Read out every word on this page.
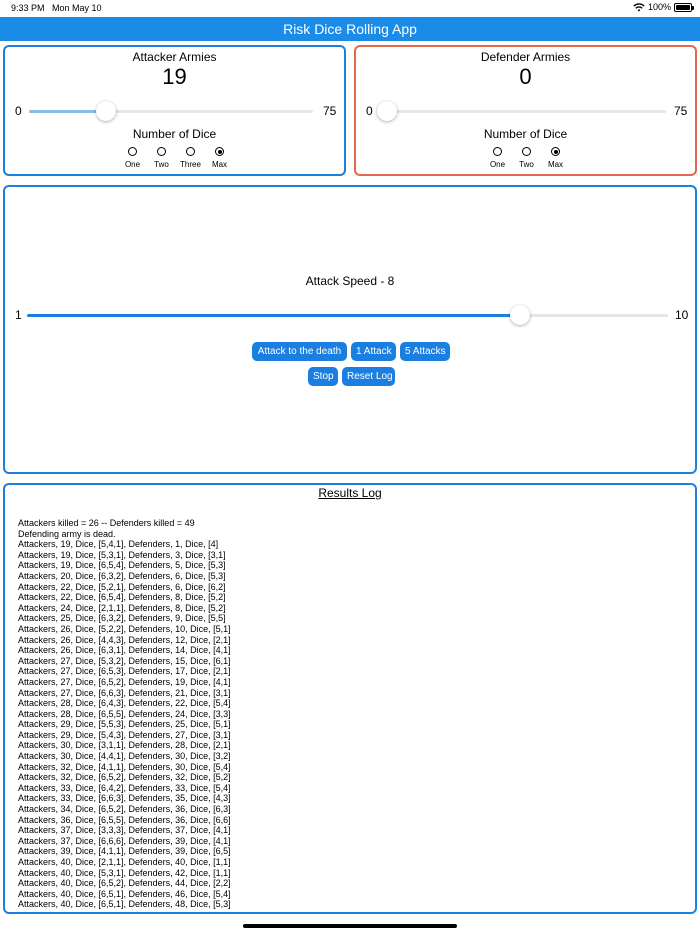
9:33 PM Mon May 10	100%
Risk Dice Rolling App
Attacker Armies
19
0	75
Number of Dice
One Two Three Max
Defender Armies
0
0	75
Number of Dice
One Two Max
Attack Speed - 8
1	10
Attack to the death	1 Attack	5 Attacks
Stop	Reset Log
Results Log
Attackers killed = 26 -- Defenders killed = 49
Defending army is dead.
Attackers, 19, Dice, [5,4,1], Defenders, 1, Dice, [4]
Attackers, 19, Dice, [5,3,1], Defenders, 3, Dice, [3,1]
Attackers, 19, Dice, [6,5,4], Defenders, 5, Dice, [5,3]
Attackers, 20, Dice, [6,3,2], Defenders, 6, Dice, [5,3]
Attackers, 22, Dice, [5,2,1], Defenders, 6, Dice, [6,2]
Attackers, 22, Dice, [6,5,4], Defenders, 8, Dice, [5,2]
Attackers, 24, Dice, [2,1,1], Defenders, 8, Dice, [5,2]
Attackers, 25, Dice, [6,3,2], Defenders, 9, Dice, [5,5]
Attackers, 26, Dice, [5,2,2], Defenders, 10, Dice, [5,1]
Attackers, 26, Dice, [4,4,3], Defenders, 12, Dice, [2,1]
Attackers, 26, Dice, [6,3,1], Defenders, 14, Dice, [4,1]
Attackers, 27, Dice, [5,3,2], Defenders, 15, Dice, [6,1]
Attackers, 27, Dice, [6,5,3], Defenders, 17, Dice, [2,1]
Attackers, 27, Dice, [6,5,2], Defenders, 19, Dice, [4,1]
Attackers, 27, Dice, [6,6,3], Defenders, 21, Dice, [3,1]
Attackers, 28, Dice, [6,4,3], Defenders, 22, Dice, [5,4]
Attackers, 28, Dice, [6,5,5], Defenders, 24, Dice, [3,3]
Attackers, 29, Dice, [5,5,3], Defenders, 25, Dice, [5,1]
Attackers, 29, Dice, [5,4,3], Defenders, 27, Dice, [3,1]
Attackers, 30, Dice, [3,1,1], Defenders, 28, Dice, [2,1]
Attackers, 30, Dice, [4,4,1], Defenders, 30, Dice, [3,2]
Attackers, 32, Dice, [4,1,1], Defenders, 30, Dice, [5,4]
Attackers, 32, Dice, [6,5,2], Defenders, 32, Dice, [5,2]
Attackers, 33, Dice, [6,4,2], Defenders, 33, Dice, [5,4]
Attackers, 33, Dice, [6,6,3], Defenders, 35, Dice, [4,3]
Attackers, 34, Dice, [6,5,2], Defenders, 36, Dice, [6,3]
Attackers, 36, Dice, [6,5,5], Defenders, 36, Dice, [6,6]
Attackers, 37, Dice, [3,3,3], Defenders, 37, Dice, [4,1]
Attackers, 37, Dice, [6,6,6], Defenders, 39, Dice, [4,1]
Attackers, 39, Dice, [4,1,1], Defenders, 39, Dice, [6,5]
Attackers, 40, Dice, [2,1,1], Defenders, 40, Dice, [1,1]
Attackers, 40, Dice, [5,3,1], Defenders, 42, Dice, [1,1]
Attackers, 40, Dice, [6,5,2], Defenders, 44, Dice, [2,2]
Attackers, 40, Dice, [6,5,1], Defenders, 46, Dice, [5,4]
Attackers, 40, Dice, [6,5,1], Defenders, 48, Dice, [5,3]
